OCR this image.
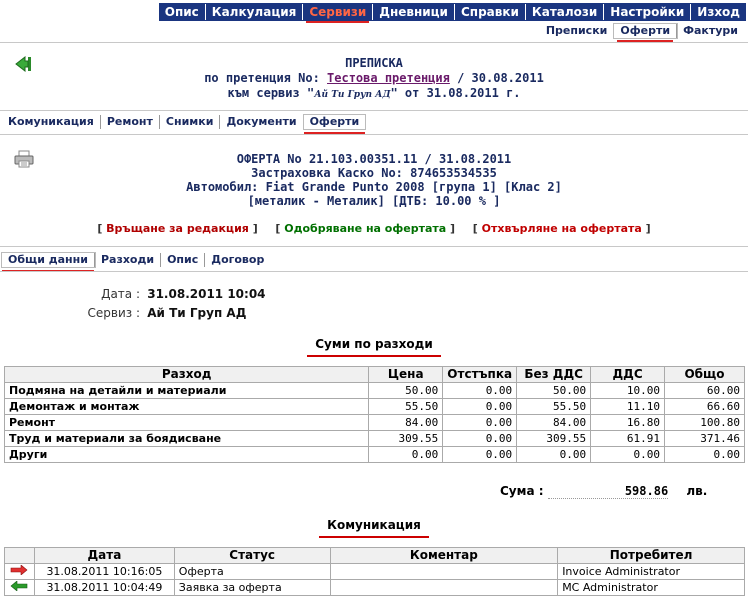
Опис	Калкулация	Сервизи	Дневници	Справки	Каталози	Настройки	Изход
Преписки	Оферти	Фактури
ПРЕПИСКА
по претенция No: Тестова претенция / 30.08.2011
към сервиз "Ай Ти Груп АД" от 31.08.2011 г.
Комуникация	Ремонт	Снимки	Документи	Оферти
ОФЕРТА No 21.103.00351.11 / 31.08.2011
Застраховка Каско No: 874653534535
Автомобил: Fiat Grande Punto 2008 [група 1] [Клас 2]
[металик - Металик] [ДТБ: 10.00 % ]
[ Връщане за редакция ] [ Одобряване на офертата ] [ Отхвърляне на офертата ]
Общи данни	Разходи	Опис	Договор
Дата : 31.08.2011 10:04
Сервиз : Ай Ти Груп АД
Суми по разходи
Разход	Цена	Отстъпка	Без ДДС	ДДС	Общо
Подмяна на детайли и материали	50.00	0.00	50.00	10.00	60.00
Демонтаж и монтаж	55.50	0.00	55.50	11.10	66.60
Ремонт	84.00	0.00	84.00	16.80	100.80
Труд и материали за боядисване	309.55	0.00	309.55	61.91	371.46
Други	0.00	0.00	0.00	0.00	0.00
Сума :	598.86 лв.
Комуникация
	Дата	Статус	Коментар	Потребител
	31.08.2011 10:16:05	Оферта		Invoice Administrator
	31.08.2011 10:04:49	Заявка за оферта		MC Administrator
